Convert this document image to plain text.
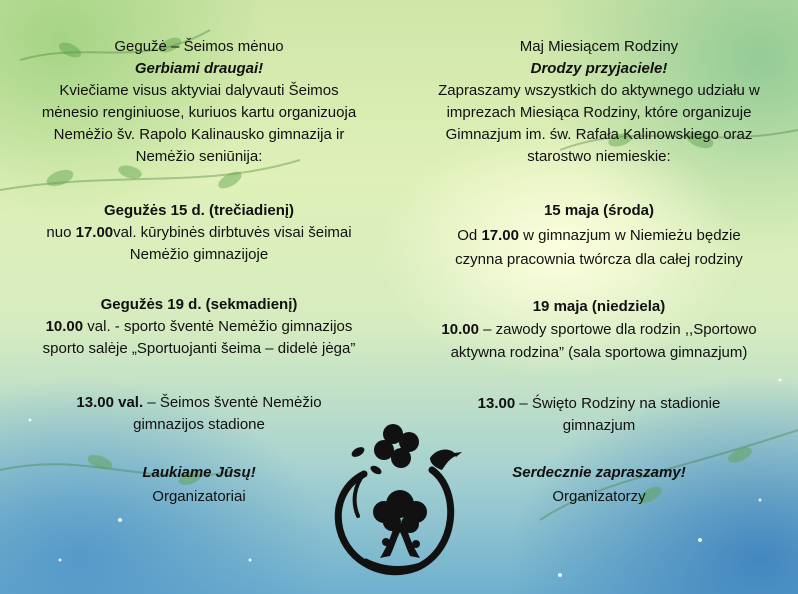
Gegužė – Šeimos mėnuo
Gerbiami draugai!
Kviečiame visus aktyviai dalyvauti Šeimos
mėnesio renginiuose, kuriuos kartu organizuoja
Nemėžio šv. Rapolo Kalinausko gimnazija ir
Nemėžio seniūnija:
Gegužės 15 d. (trečiadienį)
nuo 17.00val. kūrybinės dirbtuvės visai šeimai
Nemėžio gimnazijoje
Gegužės 19 d. (sekmadienį)
10.00 val. - sporto šventė Nemėžio gimnazijos
sporto salėje „Sportuojanti šeima – didelė jėga”
13.00 val. – Šeimos šventė Nemėžio
gimnazijos stadione
Laukiame Jūsų!
Organizatoriai
Maj Miesiącem Rodziny
Drodzy przyjaciele!
Zapraszamy wszystkich do aktywnego udziału w
imprezach Miesiąca Rodziny, które organizuje
Gimnazjum im. św. Rafała Kalinowskiego oraz
starostwo niemieskie:
15 maja (środa)
Od 17.00 w gimnazjum w Niemieżu będzie
czynna pracownia twórcza dla całej rodziny
19 maja (niedziela)
10.00 – zawody sportowe dla rodzin ,,Sportowo
aktywna rodzina” (sala sportowa gimnazjum)
13.00 – Święto Rodziny na stadionie
gimnazjum
Serdecznie zapraszamy!
Organizatorzy
